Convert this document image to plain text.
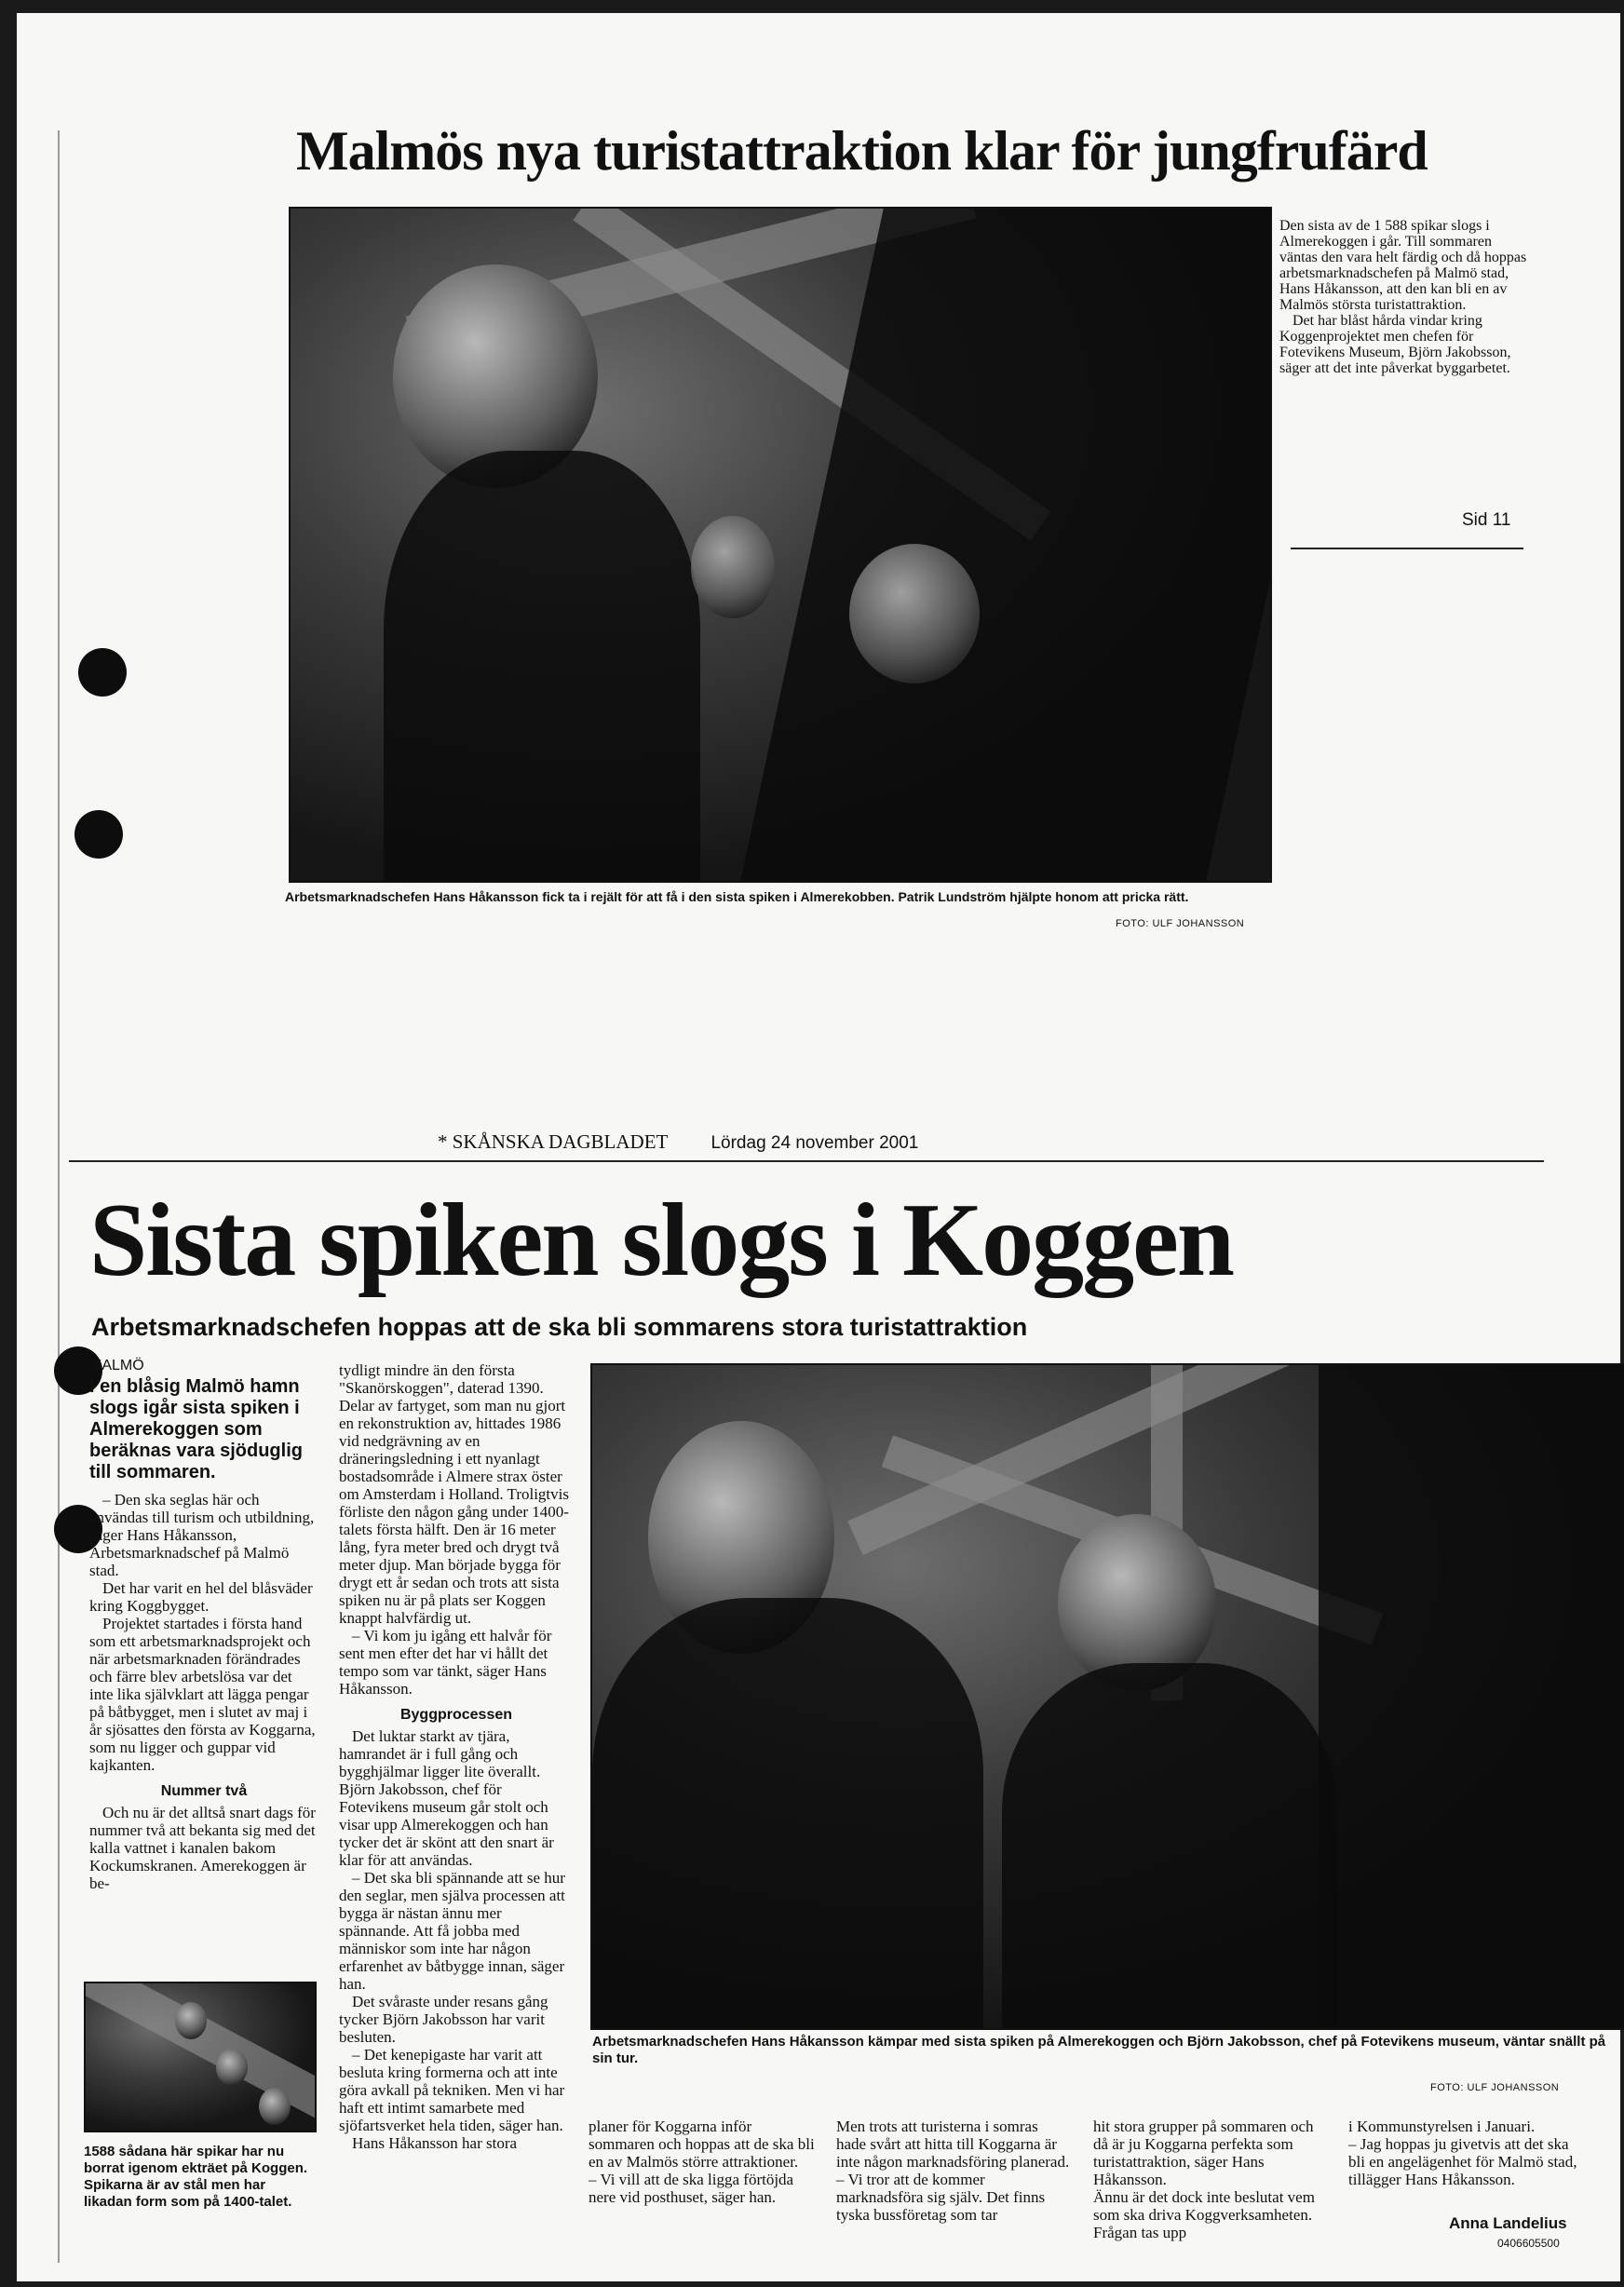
Malmös nya turistattraktion klar för jungfrufärd

Den sista av de 1 588 spikar slogs i Almerekoggen i går. Till sommaren väntas den vara helt färdig och då hoppas arbetsmarknadschefen på Malmö stad, Hans Håkansson, att den kan bli en av Malmös största turistattraktion.

Det har blåst hårda vindar kring Koggenprojektet men chefen för Fotevikens Museum, Björn Jakobsson, säger att det inte påverkat byggarbetet.

Sid 11
Arbetsmarknadschefen Hans Håkansson fick ta i rejält för att få i den sista spiken i Almerekobben. Patrik Lundström hjälpte honom att pricka rätt.
FOTO: ULF JOHANSSON
* SKÅNSKA DAGBLADET Lördag 24 november 2001
Sista spiken slogs i Koggen
Arbetsmarknadschefen hoppas att de ska bli sommarens stora turistattraktion
MALMÖ
I en blåsig Malmö hamn slogs igår sista spiken i Almerekoggen som beräknas vara sjöduglig till sommaren.

– Den ska seglas här och användas till turism och utbildning, säger Hans Håkansson, Arbetsmarknadschef på Malmö stad.

Det har varit en hel del blåsväder kring Koggbygget.

Projektet startades i första hand som ett arbetsmarknadsprojekt och när arbetsmarknaden förändrades och färre blev arbetslösa var det inte lika självklart att lägga pengar på båtbygget, men i slutet av maj i år sjösattes den första av Koggarna, som nu ligger och guppar vid kajkanten.

Nummer två

Och nu är det alltså snart dags för nummer två att bekanta sig med det kalla vattnet i kanalen bakom Kockumskranen. Amerekoggen är be-

1588 sådana här spikar har nu borrat igenom ekträet på Koggen. Spikarna är av stål men har likadan form som på 1400-talet.

tydligt mindre än den första "Skanörskoggen", daterad 1390. Delar av fartyget, som man nu gjort en rekonstruktion av, hittades 1986 vid nedgrävning av en dräneringsledning i ett nyanlagt bostadsområde i Almere strax öster om Amsterdam i Holland. Troligtvis förliste den någon gång under 1400-talets första hälft. Den är 16 meter lång, fyra meter bred och drygt två meter djup. Man började bygga för drygt ett år sedan och trots att sista spiken nu är på plats ser Koggen knappt halvfärdig ut.

– Vi kom ju igång ett halvår för sent men efter det har vi hållt det tempo som var tänkt, säger Hans Håkansson.

Byggprocessen

Det luktar starkt av tjära, hamrandet är i full gång och bygghjälmar ligger lite överallt. Björn Jakobsson, chef för Fotevikens museum går stolt och visar upp Almerekoggen och han tycker det är skönt att den snart är klar för att användas.

– Det ska bli spännande att se hur den seglar, men själva processen att bygga är nästan ännu mer spännande. Att få jobba med människor som inte har någon erfarenhet av båtbygge innan, säger han.

Det svåraste under resans gång tycker Björn Jakobsson har varit besluten.

– Det kenepigaste har varit att besluta kring formerna och att inte göra avkall på tekniken. Men vi har haft ett intimt samarbete med sjöfartsverket hela tiden, säger han.

Hans Håkansson har stora

Arbetsmarknadschefen Hans Håkansson kämpar med sista spiken på Almerekoggen och Björn Jakobsson, chef på Fotevikens museum, väntar snällt på sin tur.
FOTO: ULF JOHANSSON
planer för Koggarna inför sommaren och hoppas att de ska bli en av Malmös större attraktioner.
– Vi vill att de ska ligga förtöjda nere vid posthuset, säger han.
Men trots att turisterna i somras hade svårt att hitta till Koggarna är inte någon marknadsföring planerad.
– Vi tror att de kommer marknadsföra sig själv. Det finns tyska bussföretag som tar
hit stora grupper på sommaren och då är ju Koggarna perfekta som turistattraktion, säger Hans Håkansson.
Ännu är det dock inte beslutat vem som ska driva Koggverksamheten. Frågan tas upp
i Kommunstyrelsen i Januari.
– Jag hoppas ju givetvis att det ska bli en angelägenhet för Malmö stad, tillägger Hans Håkansson.
Anna Landelius
0406605500
